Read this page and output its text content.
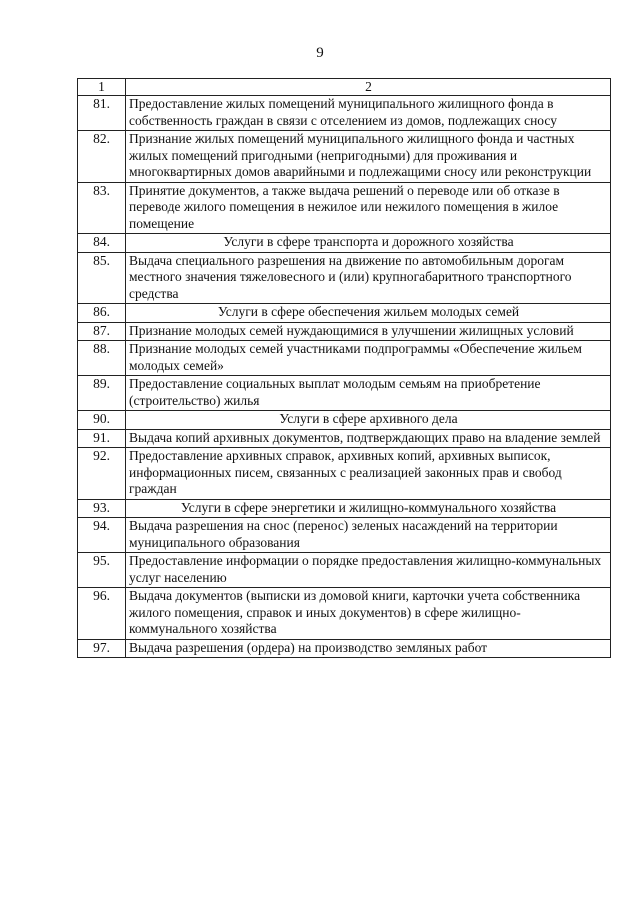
9
1	2
81.	Предоставление жилых помещений муниципального жилищного фонда в собственность граждан в связи с отселением из домов, подлежащих сносу
82.	Признание жилых помещений муниципального жилищного фонда и частных жилых помещений пригодными (непригодными) для проживания и многоквартирных домов аварийными и подлежащими сносу или реконструкции
83.	Принятие документов, а также выдача решений о переводе или об отказе в переводе жилого помещения в нежилое или нежилого помещения в жилое помещение
84.	Услуги в сфере транспорта и дорожного хозяйства
85.	Выдача специального разрешения на движение по автомобильным дорогам местного значения тяжеловесного и (или) крупногабаритного транспортного средства
86.	Услуги в сфере обеспечения жильем молодых семей
87.	Признание молодых семей нуждающимися в улучшении жилищных условий
88.	Признание молодых семей участниками подпрограммы «Обеспечение жильем молодых семей»
89.	Предоставление социальных выплат молодым семьям на приобретение (строительство) жилья
90.	Услуги в сфере архивного дела
91.	Выдача копий архивных документов, подтверждающих право на владение землей
92.	Предоставление архивных справок, архивных копий, архивных выписок, информационных писем, связанных с реализацией законных прав и свобод граждан
93.	Услуги в сфере энергетики и жилищно-коммунального хозяйства
94.	Выдача разрешения на снос (перенос) зеленых насаждений на территории муниципального образования
95.	Предоставление информации о порядке предоставления жилищно-коммунальных услуг населению
96.	Выдача документов (выписки из домовой книги, карточки учета собственника жилого помещения, справок и иных документов) в сфере жилищно-коммунального хозяйства
97.	Выдача разрешения (ордера) на производство земляных работ
